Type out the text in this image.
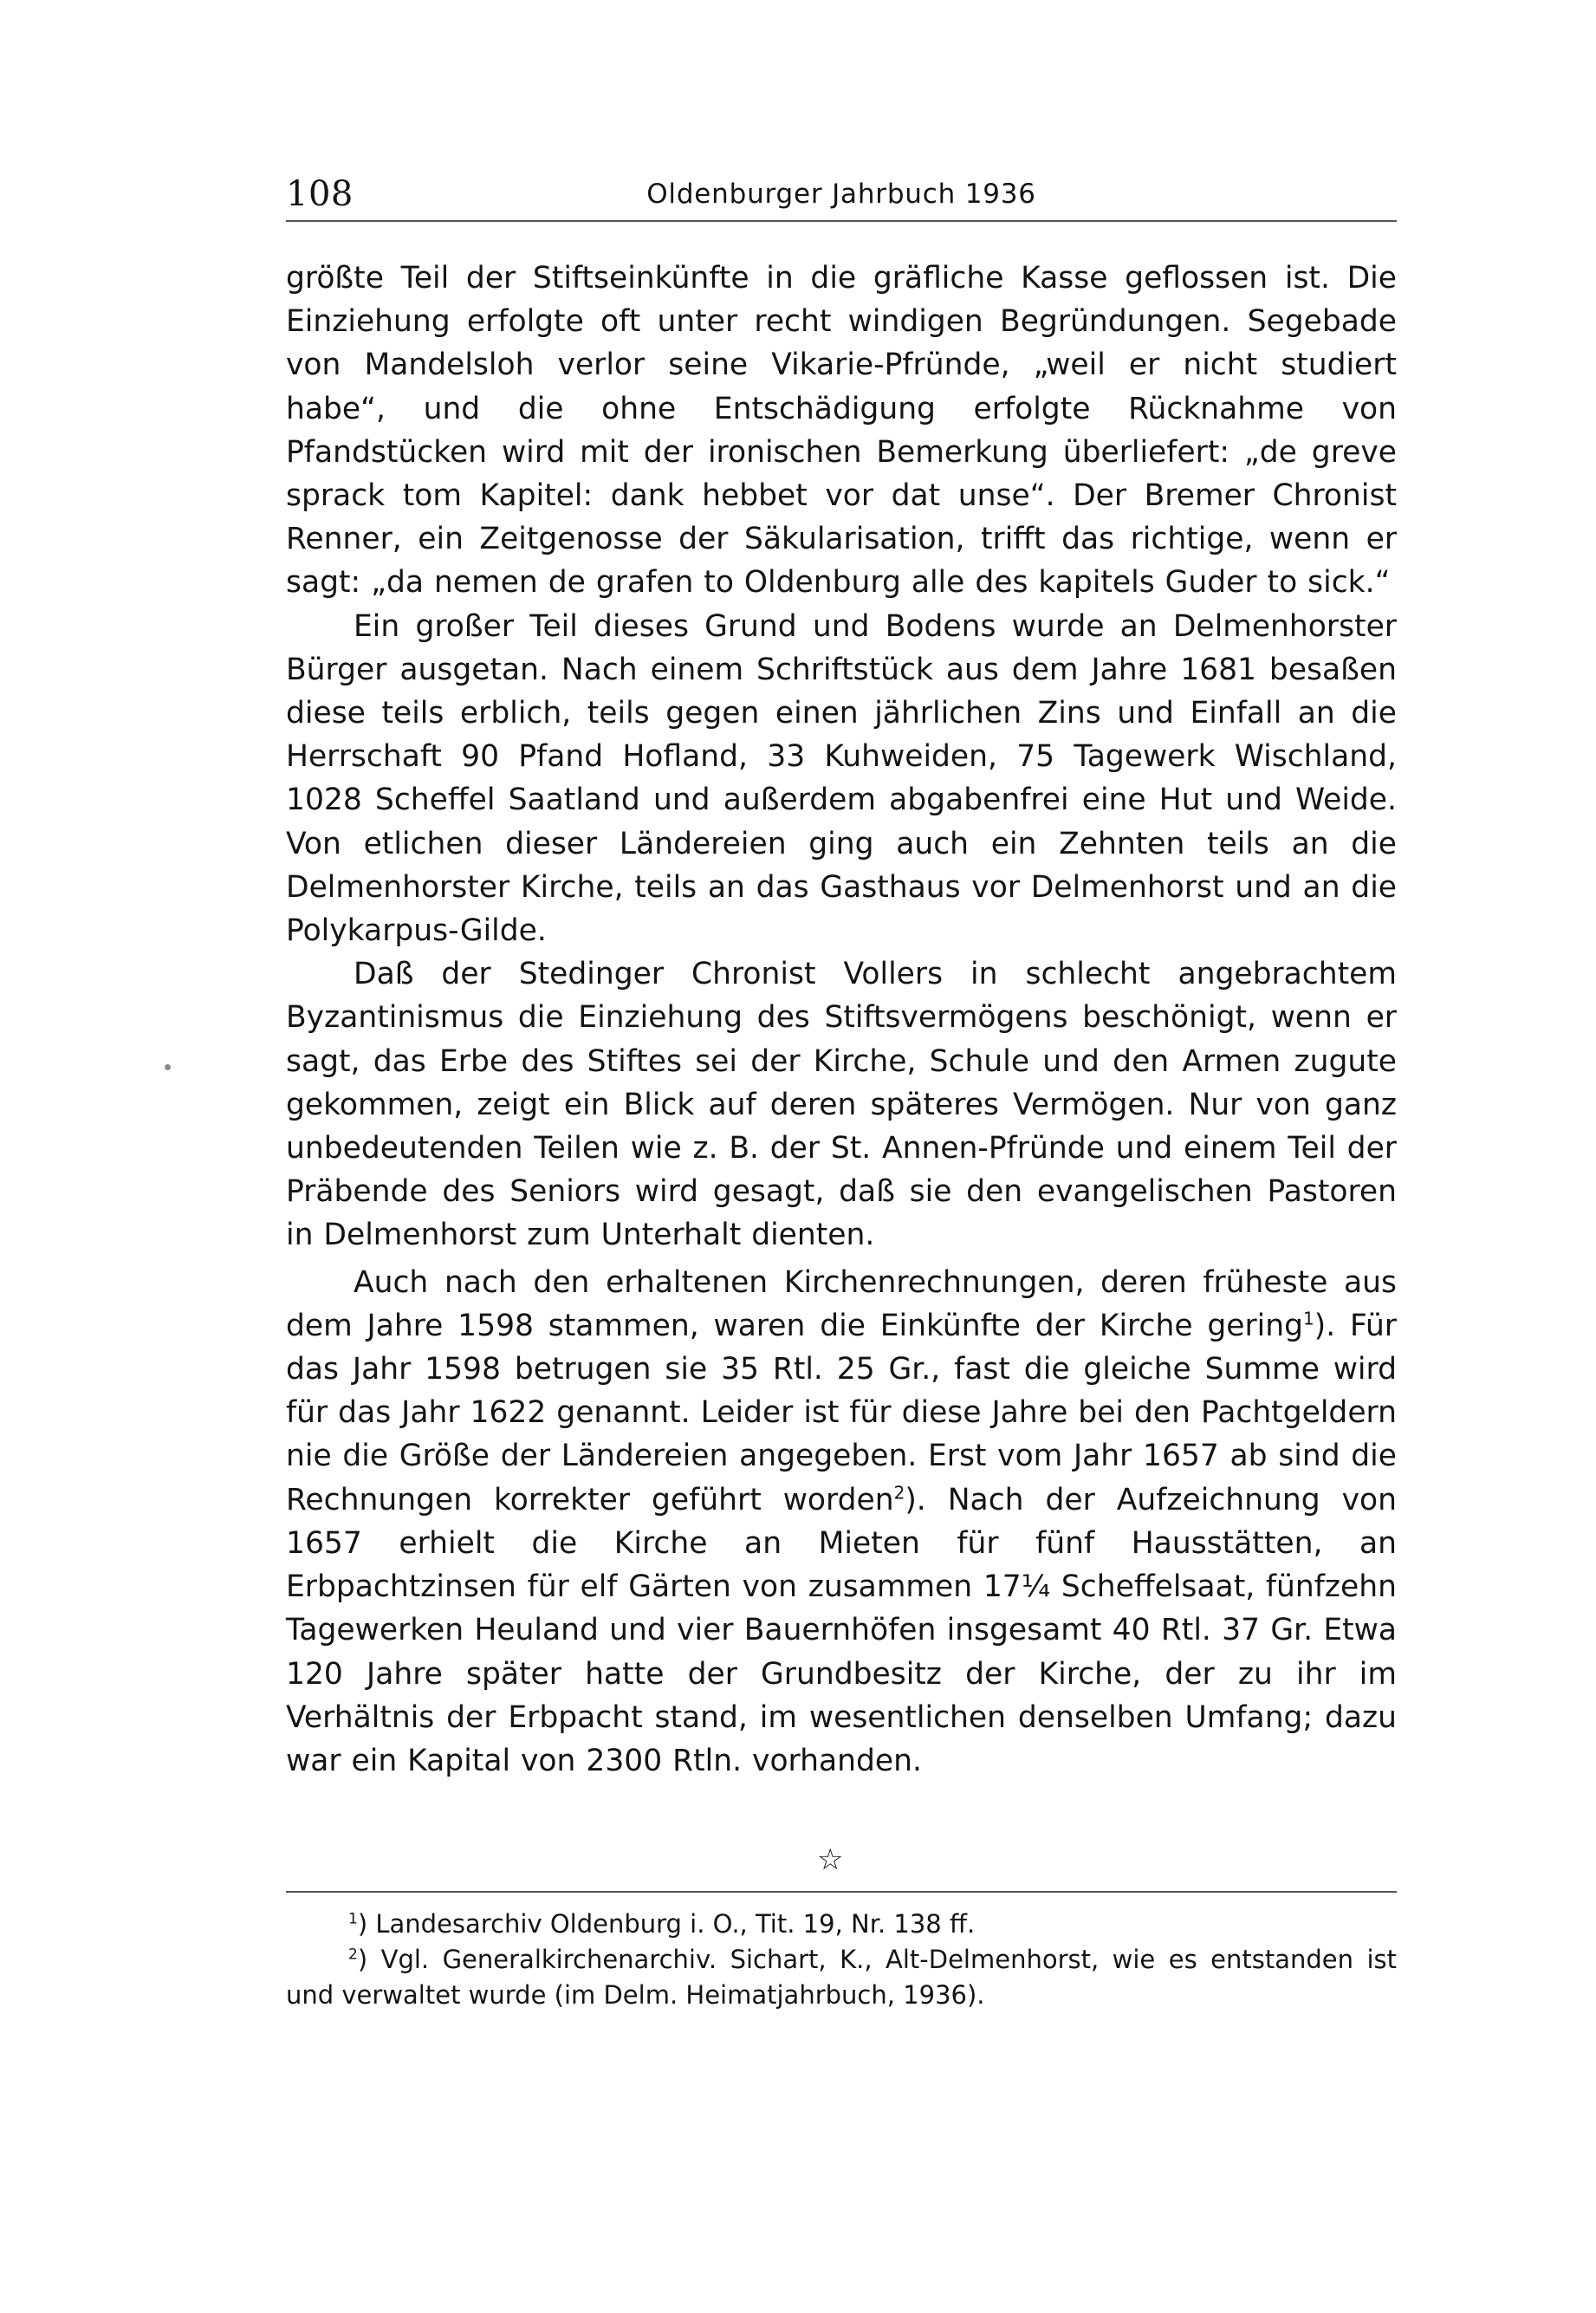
108	Oldenburger Jahrbuch 1936

größte Teil der Stiftseinkünfte in die gräfliche Kasse geflossen ist. Die Einziehung erfolgte oft unter recht windigen Begründungen. Segebade von Mandelsloh verlor seine Vikarie-Pfründe, „weil er nicht studiert habe“, und die ohne Entschädigung erfolgte Rücknahme von Pfandstücken wird mit der ironischen Bemerkung überliefert: „de greve sprack tom Kapitel: dank hebbet vor dat unse“. Der Bremer Chronist Renner, ein Zeitgenosse der Säkularisation, trifft das richtige, wenn er sagt: „da nemen de grafen to Oldenburg alle des kapitels Guder to sick.“

Ein großer Teil dieses Grund und Bodens wurde an Delmenhorster Bürger ausgetan. Nach einem Schriftstück aus dem Jahre 1681 besaßen diese teils erblich, teils gegen einen jährlichen Zins und Einfall an die Herrschaft 90 Pfand Hofland, 33 Kuhweiden, 75 Tagewerk Wischland, 1028 Scheffel Saatland und außerdem abgabenfrei eine Hut und Weide. Von etlichen dieser Ländereien ging auch ein Zehnten teils an die Delmenhorster Kirche, teils an das Gasthaus vor Delmenhorst und an die Polykarpus-Gilde.

Daß der Stedinger Chronist Vollers in schlecht angebrachtem Byzantinismus die Einziehung des Stiftsvermögens beschönigt, wenn er sagt, das Erbe des Stiftes sei der Kirche, Schule und den Armen zugute gekommen, zeigt ein Blick auf deren späteres Vermögen. Nur von ganz unbedeutenden Teilen wie z. B. der St. Annen-Pfründe und einem Teil der Präbende des Seniors wird gesagt, daß sie den evangelischen Pastoren in Delmenhorst zum Unterhalt dienten.

Auch nach den erhaltenen Kirchenrechnungen, deren früheste aus dem Jahre 1598 stammen, waren die Einkünfte der Kirche gering$^1$). Für das Jahr 1598 betrugen sie 35 Rtl. 25 Gr., fast die gleiche Summe wird für das Jahr 1622 genannt. Leider ist für diese Jahre bei den Pachtgeldern nie die Größe der Ländereien angegeben. Erst vom Jahr 1657 ab sind die Rechnungen korrekter geführt worden$^2$). Nach der Aufzeichnung von 1657 erhielt die Kirche an Mieten für fünf Hausstätten, an Erbpachtzinsen für elf Gärten von zusammen 17¼ Scheffelsaat, fünfzehn Tagewerken Heuland und vier Bauernhöfen insgesamt 40 Rtl. 37 Gr. Etwa 120 Jahre später hatte der Grundbesitz der Kirche, der zu ihr im Verhältnis der Erbpacht stand, im wesentlichen denselben Umfang; dazu war ein Kapital von 2300 Rtln. vorhanden.

☆

$^1$) Landesarchiv Oldenburg i. O., Tit. 19, Nr. 138 ff.

$^2$) Vgl. Generalkirchenarchiv. Sichart, K., Alt-Delmenhorst, wie es entstanden ist und verwaltet wurde (im Delm. Heimatjahrbuch, 1936).
